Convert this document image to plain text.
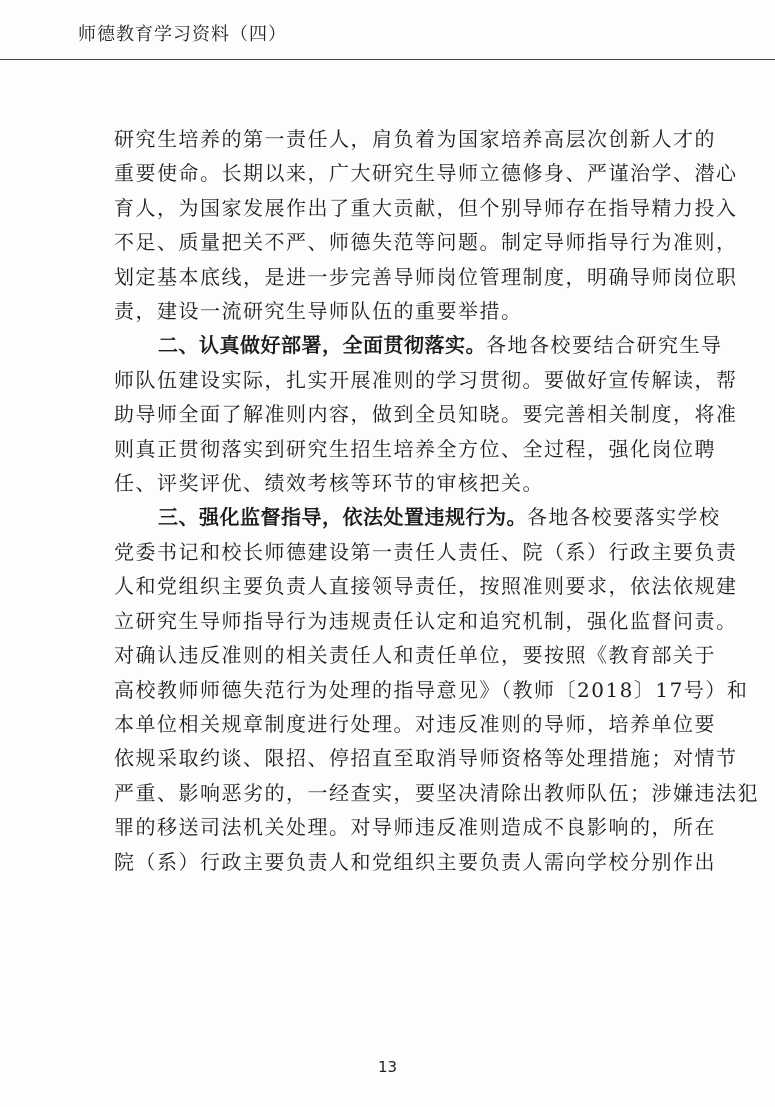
师德教育学习资料（四）
研究生培养的第一责任人，肩负着为国家培养高层次创新人才的
重要使命。长期以来，广大研究生导师立德修身、严谨治学、潜心
育人，为国家发展作出了重大贡献，但个别导师存在指导精力投入
不足、质量把关不严、师德失范等问题。制定导师指导行为准则，
划定基本底线，是进一步完善导师岗位管理制度，明确导师岗位职
责，建设一流研究生导师队伍的重要举措。
二、认真做好部署，全面贯彻落实。各地各校要结合研究生导
师队伍建设实际，扎实开展准则的学习贯彻。要做好宣传解读，帮
助导师全面了解准则内容，做到全员知晓。要完善相关制度，将准
则真正贯彻落实到研究生招生培养全方位、全过程，强化岗位聘
任、评奖评优、绩效考核等环节的审核把关。
三、强化监督指导，依法处置违规行为。各地各校要落实学校
党委书记和校长师德建设第一责任人责任、院（系）行政主要负责
人和党组织主要负责人直接领导责任，按照准则要求，依法依规建
立研究生导师指导行为违规责任认定和追究机制，强化监督问责。
对确认违反准则的相关责任人和责任单位，要按照《教育部关于
高校教师师德失范行为处理的指导意见》（教师〔2018〕17号）和
本单位相关规章制度进行处理。对违反准则的导师，培养单位要
依规采取约谈、限招、停招直至取消导师资格等处理措施；对情节
严重、影响恶劣的，一经查实，要坚决清除出教师队伍；涉嫌违法犯
罪的移送司法机关处理。对导师违反准则造成不良影响的，所在
院（系）行政主要负责人和党组织主要负责人需向学校分别作出
13
